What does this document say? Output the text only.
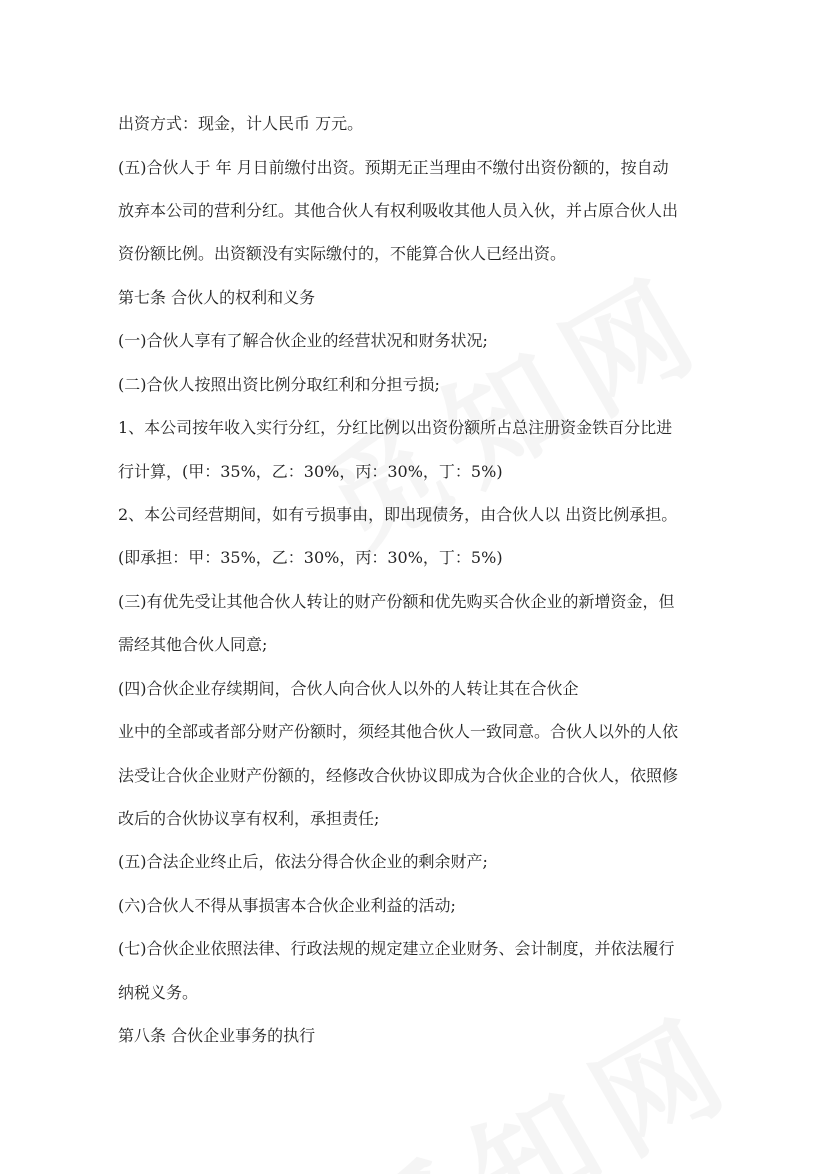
出资方式：现金，计人民币 万元。
(五)合伙人于 年 月日前缴付出资。预期无正当理由不缴付出资份额的，按自动
放弃本公司的营利分红。其他合伙人有权利吸收其他人员入伙，并占原合伙人出
资份额比例。出资额没有实际缴付的，不能算合伙人已经出资。
第七条 合伙人的权利和义务
(一)合伙人享有了解合伙企业的经营状况和财务状况;
(二)合伙人按照出资比例分取红利和分担亏损;
1、本公司按年收入实行分红，分红比例以出资份额所占总注册资金铁百分比进
行计算，(甲：35%，乙：30%，丙：30%，丁：5%)
2、本公司经营期间，如有亏损事由，即出现债务，由合伙人以 出资比例承担。
(即承担：甲：35%，乙：30%，丙：30%，丁：5%)
(三)有优先受让其他合伙人转让的财产份额和优先购买合伙企业的新增资金，但
需经其他合伙人同意;
(四)合伙企业存续期间，合伙人向合伙人以外的人转让其在合伙企
业中的全部或者部分财产份额时，须经其他合伙人一致同意。合伙人以外的人依
法受让合伙企业财产份额的，经修改合伙协议即成为合伙企业的合伙人，依照修
改后的合伙协议享有权利，承担责任;
(五)合法企业终止后，依法分得合伙企业的剩余财产;
(六)合伙人不得从事损害本合伙企业利益的活动;
(七)合伙企业依照法律、行政法规的规定建立企业财务、会计制度，并依法履行
纳税义务。
第八条 合伙企业事务的执行
